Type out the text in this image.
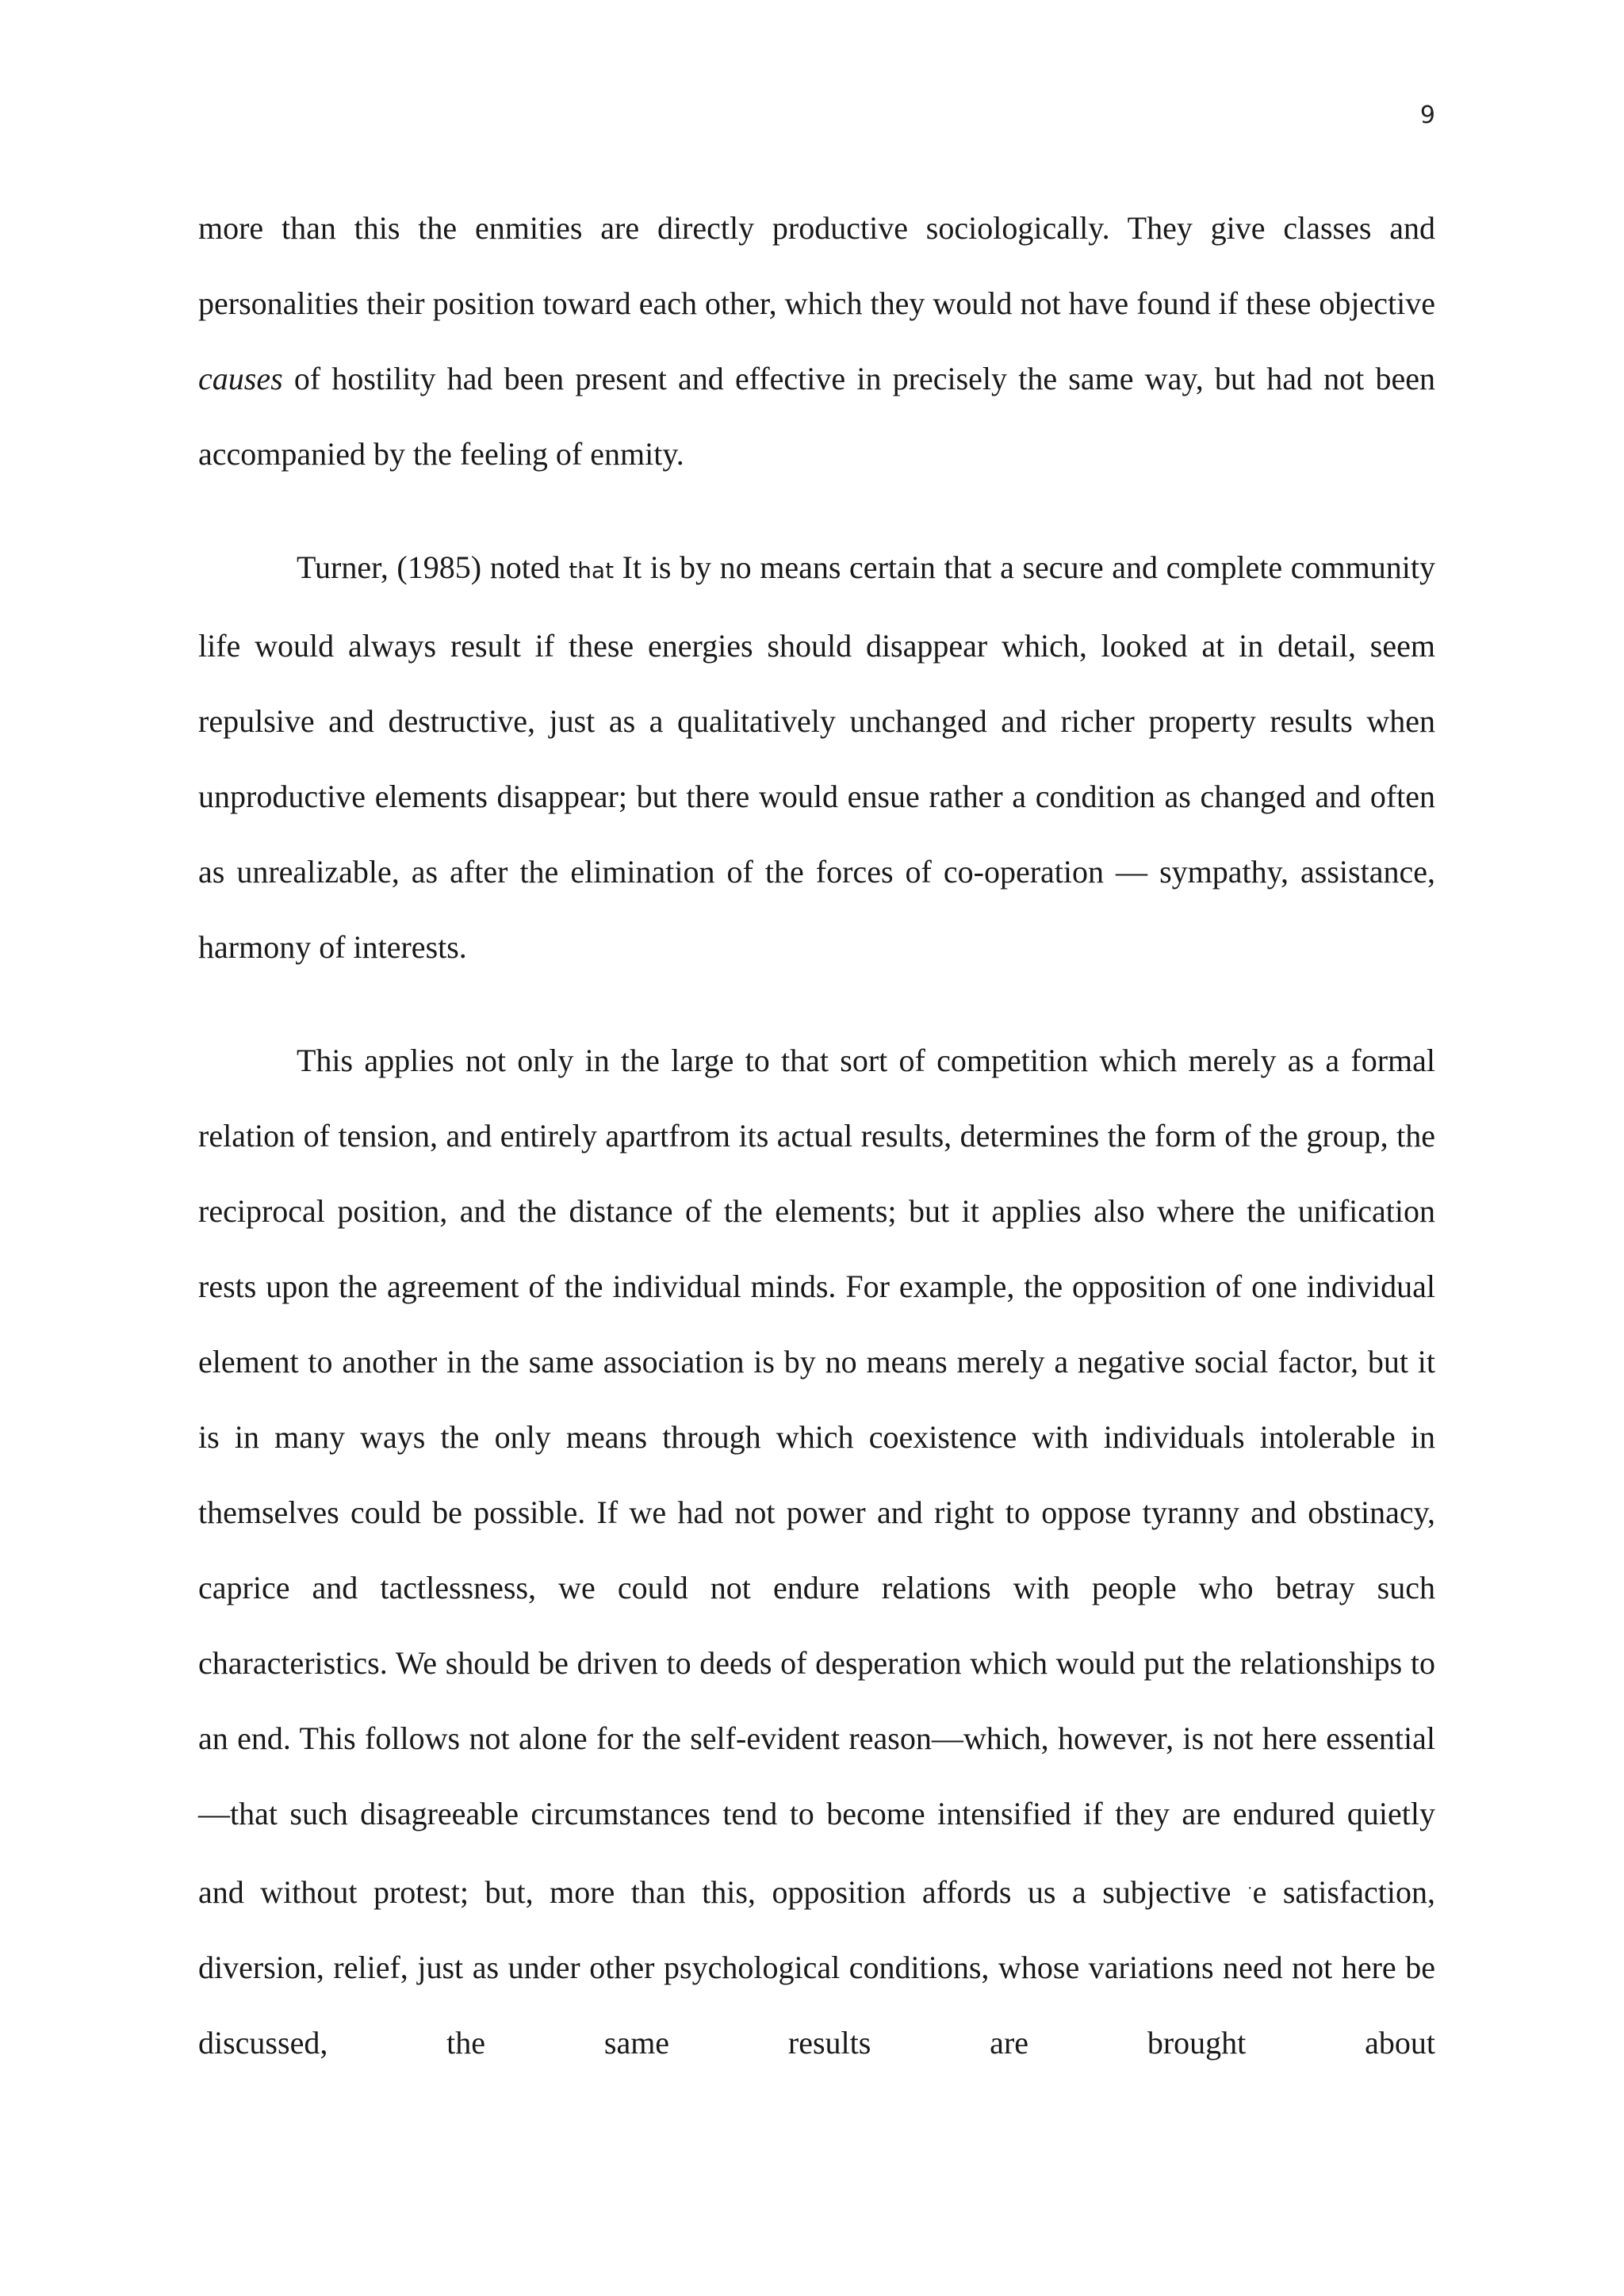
9

more than this the enmities are directly productive sociologically. They give classes and personalities their position toward each other, which they would not have found if these objective causes of hostility had been present and effective in precisely the same way, but had not been accompanied by the feeling of enmity.

Turner, (1985) noted that It is by no means certain that a secure and complete community life would always result if these energies should disappear which, looked at in detail, seem repulsive and destructive, just as a qualitatively unchanged and richer property results when unproductive elements disappear; but there would ensue rather a condition as changed and often as unrealizable, as after the elimination of the forces of co-operation — sympathy, assistance, harmony of interests.

This applies not only in the large to that sort of competition which merely as a formal relation of tension, and entirely apartfrom its actual results, determines the form of the group, the reciprocal position, and the distance of the elements; but it applies also where the unification rests upon the agreement of the individual minds. For example, the opposition of one individual element to another in the same association is by no means merely a negative social factor, but it is in many ways the only means through which coexistence with individuals intolerable in themselves could be possible. If we had not power and right to oppose tyranny and obstinacy, caprice and tactlessness, we could not endure relations with people who betray such characteristics. We should be driven to deeds of desperation which would put the relationships to an end. This follows not alone for the self-evident reason—which, however, is not here essential—that such disagreeable circumstances tend to become intensified if they are endured quietly and without protest; but, more than this, opposition affords us a subjective ·e satisfaction, diversion, relief, just as under other psychological conditions, whose variations need not here be discussed, the same results are brought about
